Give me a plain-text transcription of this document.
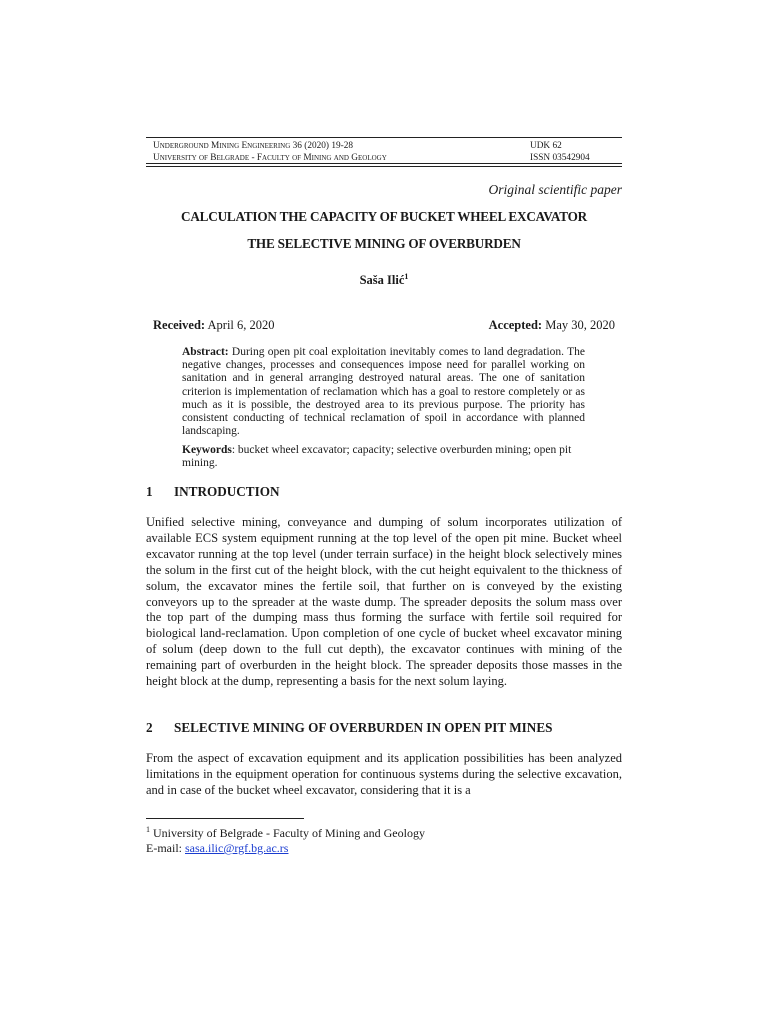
Underground Mining Engineering 36 (2020) 19-28
University of Belgrade - Faculty of Mining and Geology
UDK 62
ISSN 03542904
Original scientific paper
CALCULATION THE CAPACITY OF BUCKET WHEEL EXCAVATOR
THE SELECTIVE MINING OF OVERBURDEN
Saša Ilić$^1$
Received: April 6, 2020	Accepted: May 30, 2020
Abstract: During open pit coal exploitation inevitably comes to land degradation. The negative changes, processes and consequences impose need for parallel working on sanitation and in general arranging destroyed natural areas. The one of sanitation criterion is implementation of reclamation which has a goal to restore completely or as much as it is possible, the destroyed area to its previous purpose. The priority has consistent conducting of technical reclamation of spoil in accordance with planned landscaping.
Keywords: bucket wheel excavator; capacity; selective overburden mining; open pit mining.
1 INTRODUCTION
Unified selective mining, conveyance and dumping of solum incorporates utilization of available ECS system equipment running at the top level of the open pit mine. Bucket wheel excavator running at the top level (under terrain surface) in the height block selectively mines the solum in the first cut of the height block, with the cut height equivalent to the thickness of solum, the excavator mines the fertile soil, that further on is conveyed by the existing conveyors up to the spreader at the waste dump. The spreader deposits the solum mass over the top part of the dumping mass thus forming the surface with fertile soil required for biological land-reclamation. Upon completion of one cycle of bucket wheel excavator mining of solum (deep down to the full cut depth), the excavator continues with mining of the remaining part of overburden in the height block. The spreader deposits those masses in the height block at the dump, representing a basis for the next solum laying.
2 SELECTIVE MINING OF OVERBURDEN IN OPEN PIT MINES
From the aspect of excavation equipment and its application possibilities has been analyzed limitations in the equipment operation for continuous systems during the selective excavation, and in case of the bucket wheel excavator, considering that it is a
$^1$ University of Belgrade - Faculty of Mining and Geology
E-mail: sasa.ilic@rgf.bg.ac.rs
